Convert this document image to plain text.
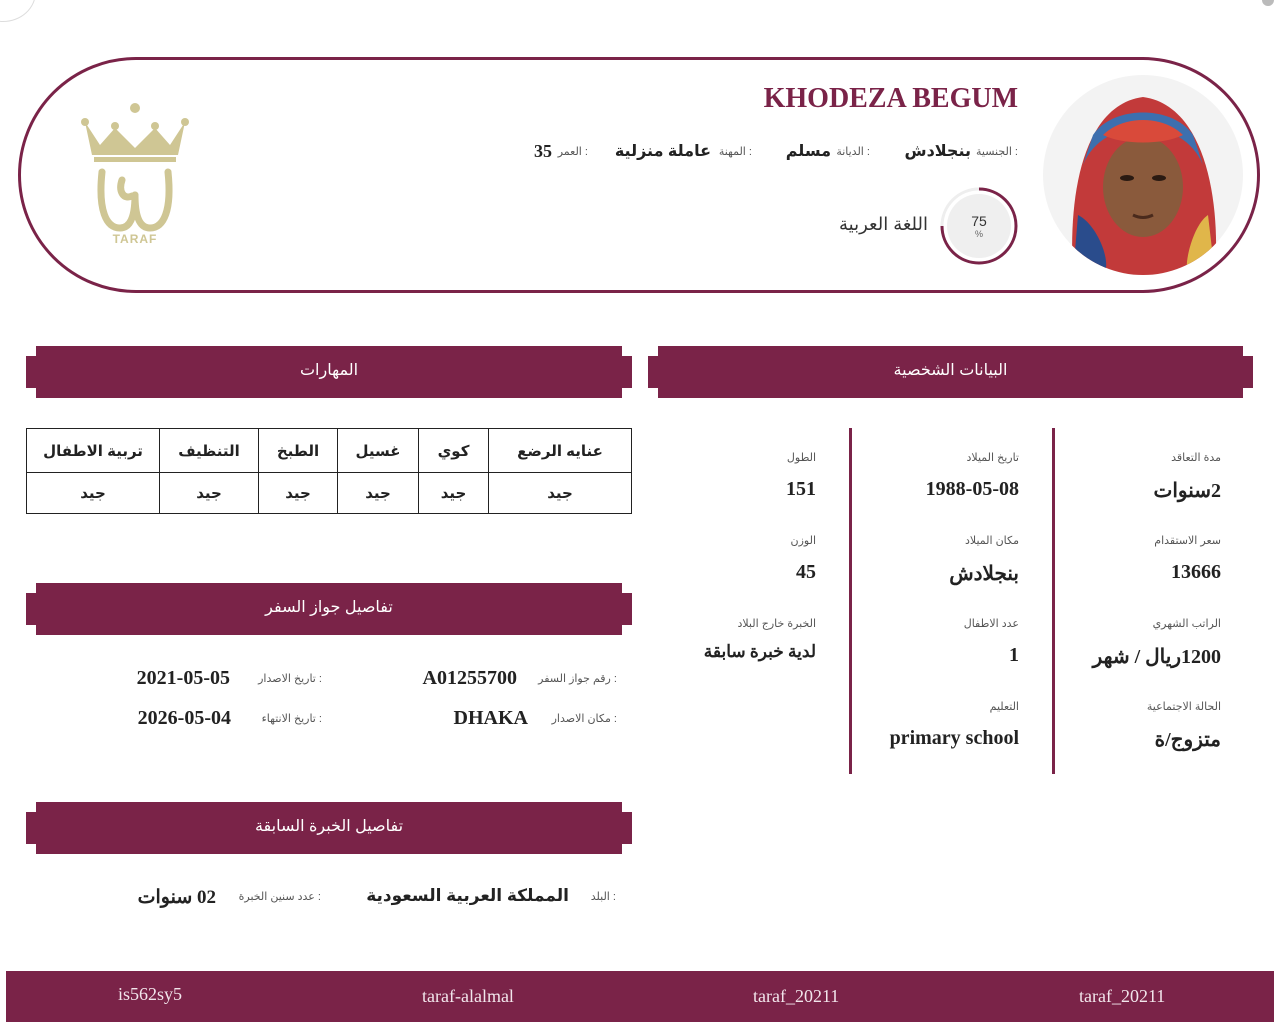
TARAF
KHODEZA BEGUM
الجنسية :
بنجلادش
الديانة :
مسلم
المهنة :
عاملة منزلية
العمر :
35
75
%
اللغة العربية
البيانات الشخصية
المهارات
عنايه الرضع	كوي	غسيل	الطبخ	التنظيف	تربية الاطفال
جيد	جيد	جيد	جيد	جيد	جيد
مدة التعاقد
2سنوات
سعر الاستقدام
13666
الراتب الشهري
1200ريال / شهر
الحالة الاجتماعية
متزوج/ة
تاريخ الميلاد
1988-05-08
مكان الميلاد
بنجلادش
عدد الاطفال
1
التعليم
primary school
الطول
151
الوزن
45
الخبرة خارج البلاد
لدية خبرة سابقة
تفاصيل جواز السفر
رقم جواز السفر :
A01255700
تاريخ الاصدار :
2021-05-05
مكان الاصدار :
DHAKA
تاريخ الانتهاء :
2026-05-04
تفاصيل الخبرة السابقة
البلد :
المملكة العربية السعودية
عدد سنين الخبرة :
02 سنوات
is562sy5	taraf-alalmal	taraf_20211	taraf_20211
